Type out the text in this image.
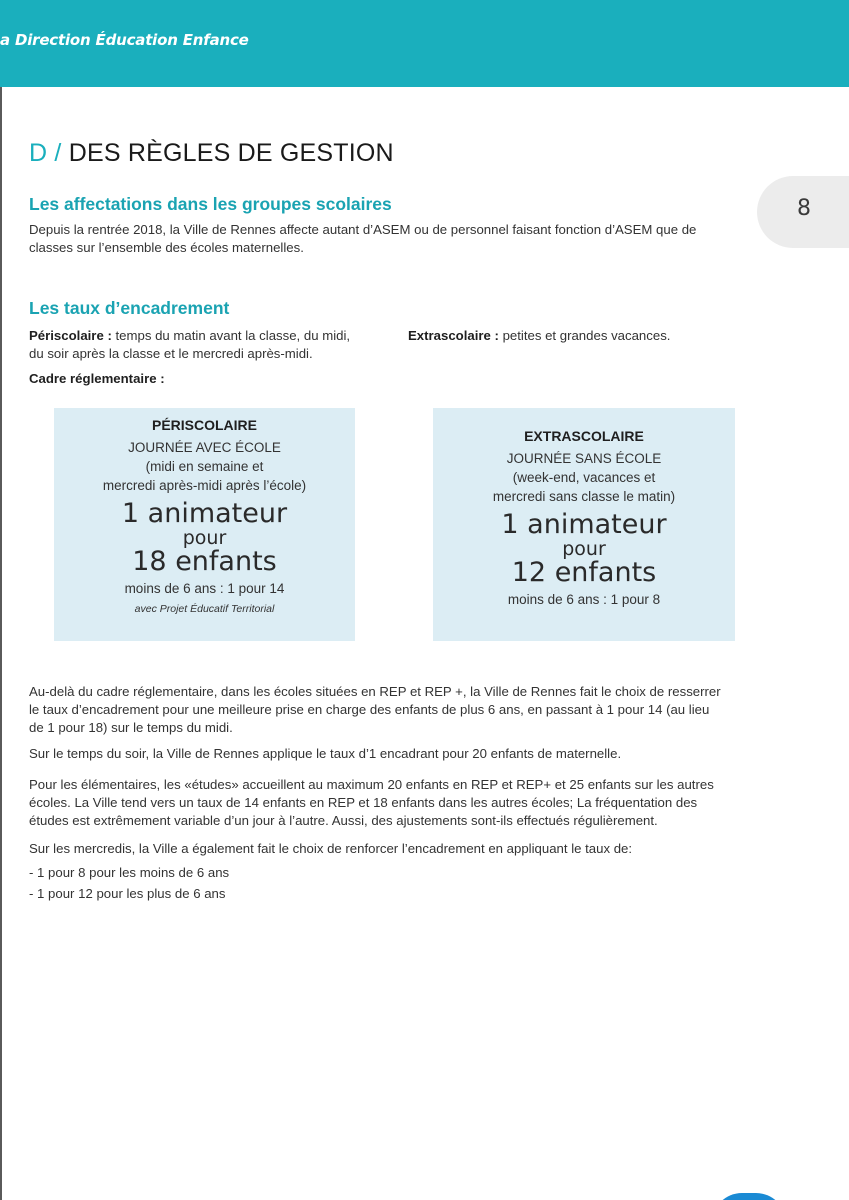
a Direction Éducation Enfance
8
D / DES RÈGLES DE GESTION
Les affectations dans les groupes scolaires
Depuis la rentrée 2018, la Ville de Rennes affecte autant d’ASEM ou de personnel faisant fonction d’ASEM que de
classes sur l’ensemble des écoles maternelles.
Les taux d’encadrement
Périscolaire : temps du matin avant la classe, du midi,
du soir après la classe et le mercredi après-midi.
Extrascolaire : petites et grandes vacances.
Cadre réglementaire :
PÉRISCOLAIRE
JOURNÉE AVEC ÉCOLE
(midi en semaine et
mercredi après-midi après l’école)
1 animateur
pour
18 enfants
moins de 6 ans : 1 pour 14
avec Projet Éducatif Territorial
EXTRASCOLAIRE
JOURNÉE SANS ÉCOLE
(week-end, vacances et
mercredi sans classe le matin)
1 animateur
pour
12 enfants
moins de 6 ans : 1 pour 8
Au-delà du cadre réglementaire, dans les écoles situées en REP et REP +, la Ville de Rennes fait le choix de resserrer
le taux d’encadrement pour une meilleure prise en charge des enfants de plus 6 ans, en passant à 1 pour 14 (au lieu
de 1 pour 18) sur le temps du midi.
Sur le temps du soir, la Ville de Rennes applique le taux d’1 encadrant pour 20 enfants de maternelle.
Pour les élémentaires, les «études» accueillent au maximum 20 enfants en REP et REP+ et 25 enfants sur les autres
écoles. La Ville tend vers un taux de 14 enfants en REP et 18 enfants dans les autres écoles; La fréquentation des
études est extrêmement variable d’un jour à l’autre. Aussi, des ajustements sont-ils effectués régulièrement.
Sur les mercredis, la Ville a également fait le choix de renforcer l’encadrement en appliquant le taux de:
- 1 pour 8 pour les moins de 6 ans
- 1 pour 12 pour les plus de 6 ans
